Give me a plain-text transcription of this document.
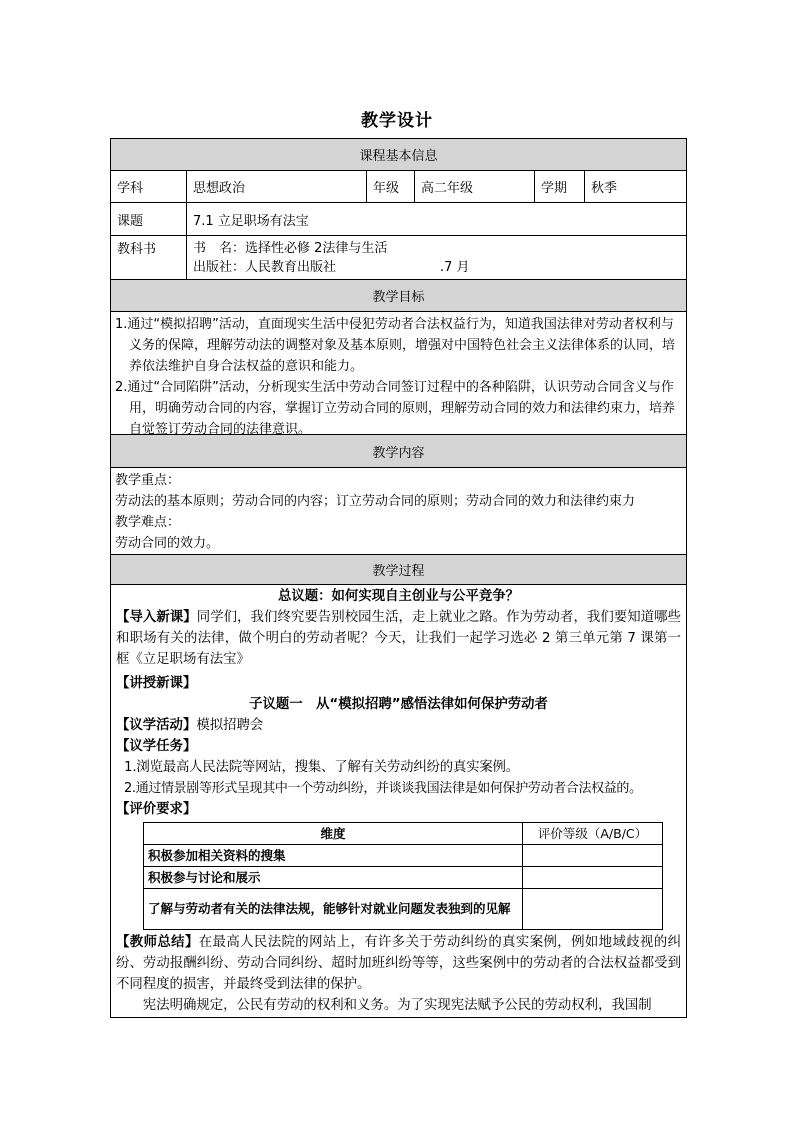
教学设计
课程基本信息
学科	思想政治	年级	高二年级	学期	秋季
课题	7.1 立足职场有法宝
教科书	书　名：选择性必修 2法律与生活
出版社：人民教育出版社　　　　　　　　.7 月
教学目标
1.通过“模拟招聘”活动，直面现实生活中侵犯劳动者合法权益行为，知道我国法律对劳动者权利与义务的保障，理解劳动法的调整对象及基本原则，增强对中国特色社会主义法律体系的认同，培养依法维护自身合法权益的意识和能力。
2.通过“合同陷阱”活动，分析现实生活中劳动合同签订过程中的各种陷阱，认识劳动合同含义与作用，明确劳动合同的内容，掌握订立劳动合同的原则，理解劳动合同的效力和法律约束力，培养自觉签订劳动合同的法律意识。
教学内容
教学重点：
劳动法的基本原则；劳动合同的内容；订立劳动合同的原则；劳动合同的效力和法律约束力
教学难点：
劳动合同的效力。
教学过程
总议题：如何实现自主创业与公平竞争？
【导入新课】同学们，我们终究要告别校园生活，走上就业之路。作为劳动者，我们要知道哪些和职场有关的法律，做个明白的劳动者呢？今天，让我们一起学习选必 2 第三单元第 7 课第一框《立足职场有法宝》
【讲授新课】
子议题一　从“模拟招聘”感悟法律如何保护劳动者
【议学活动】模拟招聘会
【议学任务】
1.浏览最高人民法院等网站，搜集、了解有关劳动纠纷的真实案例。
2.通过情景剧等形式呈现其中一个劳动纠纷，并谈谈我国法律是如何保护劳动者合法权益的。
【评价要求】
维度	评价等级（A/B/C）
积极参加相关资料的搜集	
积极参与讨论和展示	
了解与劳动者有关的法律法规，能够针对就业问题发表独到的见解	
【教师总结】在最高人民法院的网站上，有许多关于劳动纠纷的真实案例，例如地域歧视的纠纷、劳动报酬纠纷、劳动合同纠纷、超时加班纠纷等等，这些案例中的劳动者的合法权益都受到不同程度的损害，并最终受到法律的保护。
宪法明确规定，公民有劳动的权利和义务。为了实现宪法赋予公民的劳动权利，我国制
